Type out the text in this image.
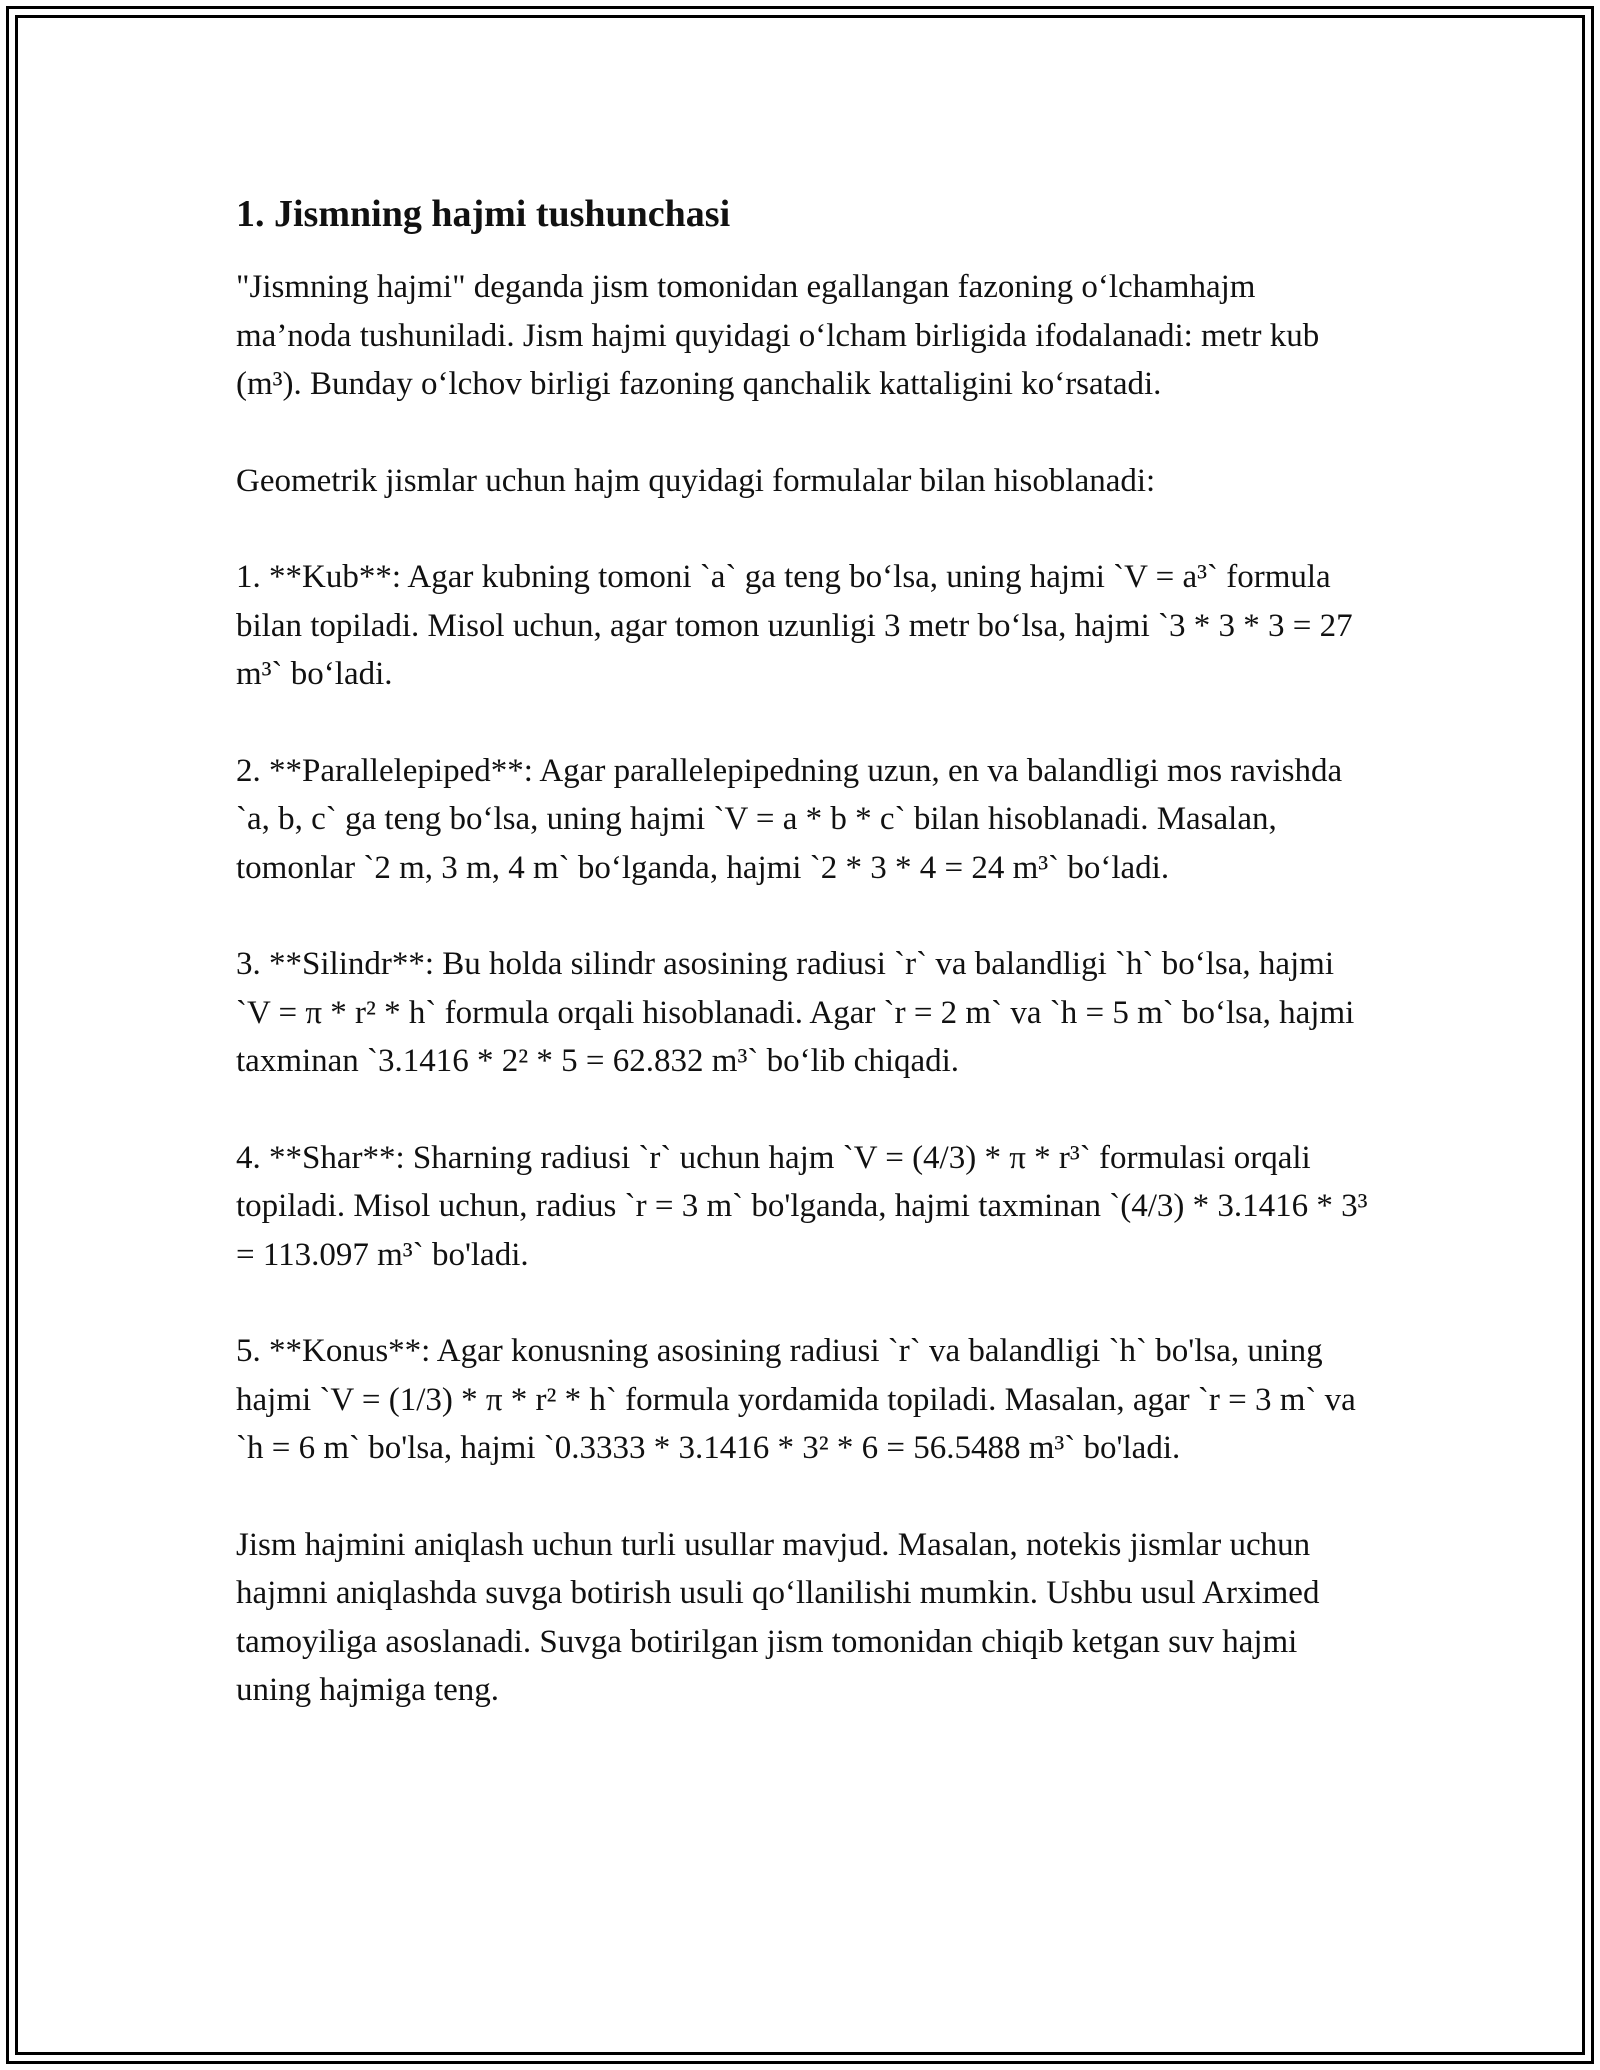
1. Jismning hajmi tushunchasi

"Jismning hajmi" deganda jism tomonidan egallangan fazoning o‘lchamhajm ma’noda tushuniladi. Jism hajmi quyidagi o‘lcham birligida ifodalanadi: metr kub (m³). Bunday o‘lchov birligi fazoning qanchalik kattaligini ko‘rsatadi.

Geometrik jismlar uchun hajm quyidagi formulalar bilan hisoblanadi:

1. **Kub**: Agar kubning tomoni `a` ga teng bo‘lsa, uning hajmi `V = a³` formula bilan topiladi. Misol uchun, agar tomon uzunligi 3 metr bo‘lsa, hajmi `3 * 3 * 3 = 27 m³` bo‘ladi.

2. **Parallelepiped**: Agar parallelepipedning uzun, en va balandligi mos ravishda `a, b, c` ga teng bo‘lsa, uning hajmi `V = a * b * c` bilan hisoblanadi. Masalan, tomonlar `2 m, 3 m, 4 m` bo‘lganda, hajmi `2 * 3 * 4 = 24 m³` bo‘ladi.

3. **Silindr**: Bu holda silindr asosining radiusi `r` va balandligi `h` bo‘lsa, hajmi `V = π * r² * h` formula orqali hisoblanadi. Agar `r = 2 m` va `h = 5 m` bo‘lsa, hajmi taxminan `3.1416 * 2² * 5 = 62.832 m³` bo‘lib chiqadi.

4. **Shar**: Sharning radiusi `r` uchun hajm `V = (4/3) * π * r³` formulasi orqali topiladi. Misol uchun, radius `r = 3 m` bo'lganda, hajmi taxminan `(4/3) * 3.1416 * 3³ = 113.097 m³` bo'ladi.

5. **Konus**: Agar konusning asosining radiusi `r` va balandligi `h` bo'lsa, uning hajmi `V = (1/3) * π * r² * h` formula yordamida topiladi. Masalan, agar `r = 3 m` va `h = 6 m` bo'lsa, hajmi `0.3333 * 3.1416 * 3² * 6 = 56.5488 m³` bo'ladi.

Jism hajmini aniqlash uchun turli usullar mavjud. Masalan, notekis jismlar uchun hajmni aniqlashda suvga botirish usuli qo‘llanilishi mumkin. Ushbu usul Arximed tamoyiliga asoslanadi. Suvga botirilgan jism tomonidan chiqib ketgan suv hajmi uning hajmiga teng.
